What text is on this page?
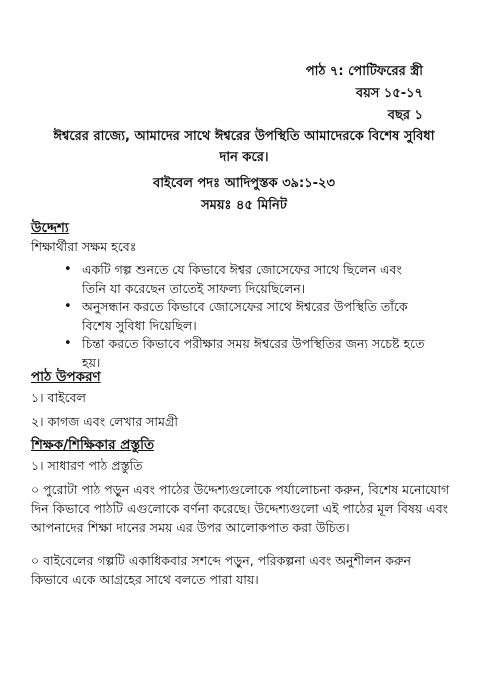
পাঠ ৭: পোটিফরের স্ত্রী
বয়স ১৫-১৭
বছর ১
ঈশ্বরের রাজ্যে, আমাদের সাথে ঈশ্বরের উপস্থিতি আমাদেরকে বিশেষ সুবিধা দান করে।
বাইবেল পদঃ আদিপুস্তক ৩৯:১-২৩
সময়ঃ ৪৫ মিনিট
উদ্দেশ্য
শিক্ষার্থীরা সক্ষম হবেঃ
• একটি গল্প শুনতে যে কিভাবে ঈশ্বর জোসেফের সাথে ছিলেন এবং তিনি যা করেছেন তাতেই সাফল্য দিয়েছিলেন।
• অনুসন্ধান করতে কিভাবে জোসেফের সাথে ঈশ্বরের উপস্থিতি তাঁকে বিশেষ সুবিধা দিয়েছিল।
• চিন্তা করতে কিভাবে পরীক্ষার সময় ঈশ্বরের উপস্থিতির জন্য সচেষ্ট হতে হয়।
পাঠ উপকরণ
১। বাইবেল
২। কাগজ এবং লেখার সামগ্রী
শিক্ষক/শিক্ষিকার প্রস্তুতি
১। সাধারণ পাঠ প্রস্তুতি
০ পুরোটা পাঠ পড়ুন এবং পাঠের উদ্দেশ্যগুলোকে পর্যালোচনা করুন, বিশেষ মনোযোগ দিন কিভাবে পাঠটি এগুলোকে বর্ণনা করেছে। উদ্দেশ্যগুলো এই পাঠের মূল বিষয় এবং আপনাদের শিক্ষা দানের সময় এর উপর আলোকপাত করা উচিত।
০ বাইবেলের গল্পটি একাধিকবার সশব্দে পড়ুন, পরিকল্পনা এবং অনুশীলন করুন কিভাবে একে আগ্রহের সাথে বলতে পারা যায়।
